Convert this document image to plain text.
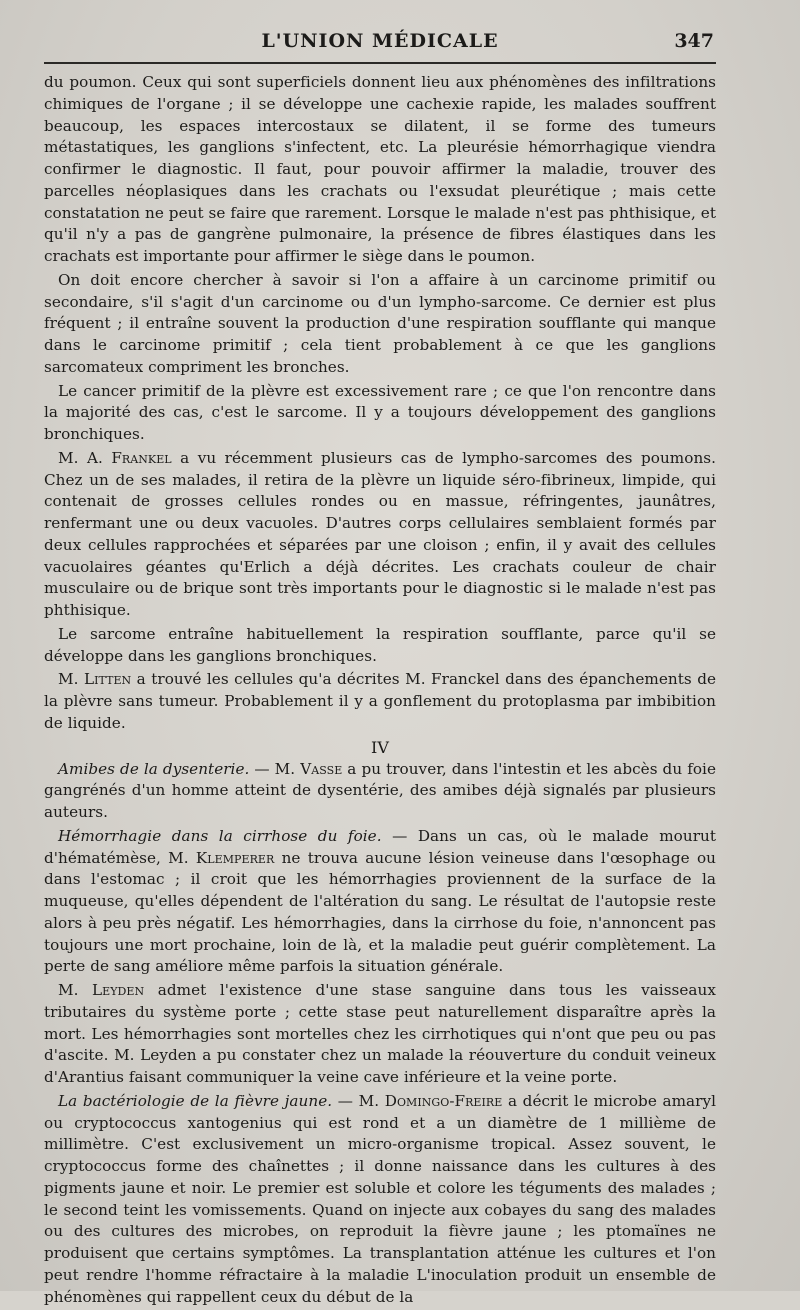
L'UNION MÉDICALE	347

du poumon. Ceux qui sont superficiels donnent lieu aux phénomènes des infiltrations chimiques de l'organe ; il se développe une cachexie rapide, les malades souffrent beaucoup, les espaces intercostaux se dilatent, il se forme des tumeurs métastatiques, les ganglions s'infectent, etc. La pleurésie hémorrhagique viendra confirmer le diagnostic. Il faut, pour pouvoir affirmer la maladie, trouver des parcelles néoplasiques dans les crachats ou l'exsudat pleurétique ; mais cette constatation ne peut se faire que rarement. Lorsque le malade n'est pas phthisique, et qu'il n'y a pas de gangrène pulmonaire, la présence de fibres élastiques dans les crachats est importante pour affirmer le siège dans le poumon.

On doit encore chercher à savoir si l'on a affaire à un carcinome primitif ou secondaire, s'il s'agit d'un carcinome ou d'un lympho-sarcome. Ce dernier est plus fréquent ; il entraîne souvent la production d'une respiration soufflante qui manque dans le carcinome primitif ; cela tient probablement à ce que les ganglions sarcomateux compriment les bronches.

Le cancer primitif de la plèvre est excessivement rare ; ce que l'on rencontre dans la majorité des cas, c'est le sarcome. Il y a toujours développement des ganglions bronchiques.

M. A. Frankel a vu récemment plusieurs cas de lympho-sarcomes des poumons. Chez un de ses malades, il retira de la plèvre un liquide séro-fibrineux, limpide, qui contenait de grosses cellules rondes ou en massue, réfringentes, jaunâtres, renfermant une ou deux vacuoles. D'autres corps cellulaires semblaient formés par deux cellules rapprochées et séparées par une cloison ; enfin, il y avait des cellules vacuolaires géantes qu'Erlich a déjà décrites. Les crachats couleur de chair musculaire ou de brique sont très importants pour le diagnostic si le malade n'est pas phthisique.

Le sarcome entraîne habituellement la respiration soufflante, parce qu'il se développe dans les ganglions bronchiques.

M. Litten a trouvé les cellules qu'a décrites M. Franckel dans des épanchements de la plèvre sans tumeur. Probablement il y a gonflement du protoplasma par imbibition de liquide.

IV

Amibes de la dysenterie. — M. Vasse a pu trouver, dans l'intestin et les abcès du foie gangrénés d'un homme atteint de dysentérie, des amibes déjà signalés par plusieurs auteurs.

Hémorrhagie dans la cirrhose du foie. — Dans un cas, où le malade mourut d'hématémèse, M. Klemperer ne trouva aucune lésion veineuse dans l'œsophage ou dans l'estomac ; il croit que les hémorrhagies proviennent de la surface de la muqueuse, qu'elles dépendent de l'altération du sang. Le résultat de l'autopsie reste alors à peu près négatif. Les hémorrhagies, dans la cirrhose du foie, n'annoncent pas toujours une mort prochaine, loin de là, et la maladie peut guérir complètement. La perte de sang améliore même parfois la situation générale.

M. Leyden admet l'existence d'une stase sanguine dans tous les vaisseaux tributaires du système porte ; cette stase peut naturellement disparaître après la mort. Les hémorrhagies sont mortelles chez les cirrhotiques qui n'ont que peu ou pas d'ascite. M. Leyden a pu constater chez un malade la réouverture du conduit veineux d'Arantius faisant communiquer la veine cave inférieure et la veine porte.

La bactériologie de la fièvre jaune. — M. Domingo-Freire a décrit le microbe amaryl ou cryptococcus xantogenius qui est rond et a un diamètre de 1 millième de millimètre. C'est exclusivement un micro-organisme tropical. Assez souvent, le cryptococcus forme des chaînettes ; il donne naissance dans les cultures à des pigments jaune et noir. Le premier est soluble et colore les téguments des malades ; le second teint les vomissements. Quand on injecte aux cobayes du sang des malades ou des cultures des microbes, on reproduit la fièvre jaune ; les ptomaïnes ne produisent que certains symptômes. La transplantation atténue les cultures et l'on peut rendre l'homme réfractaire à la maladie L'inoculation produit un ensemble de phénomènes qui rappellent ceux du début de la
